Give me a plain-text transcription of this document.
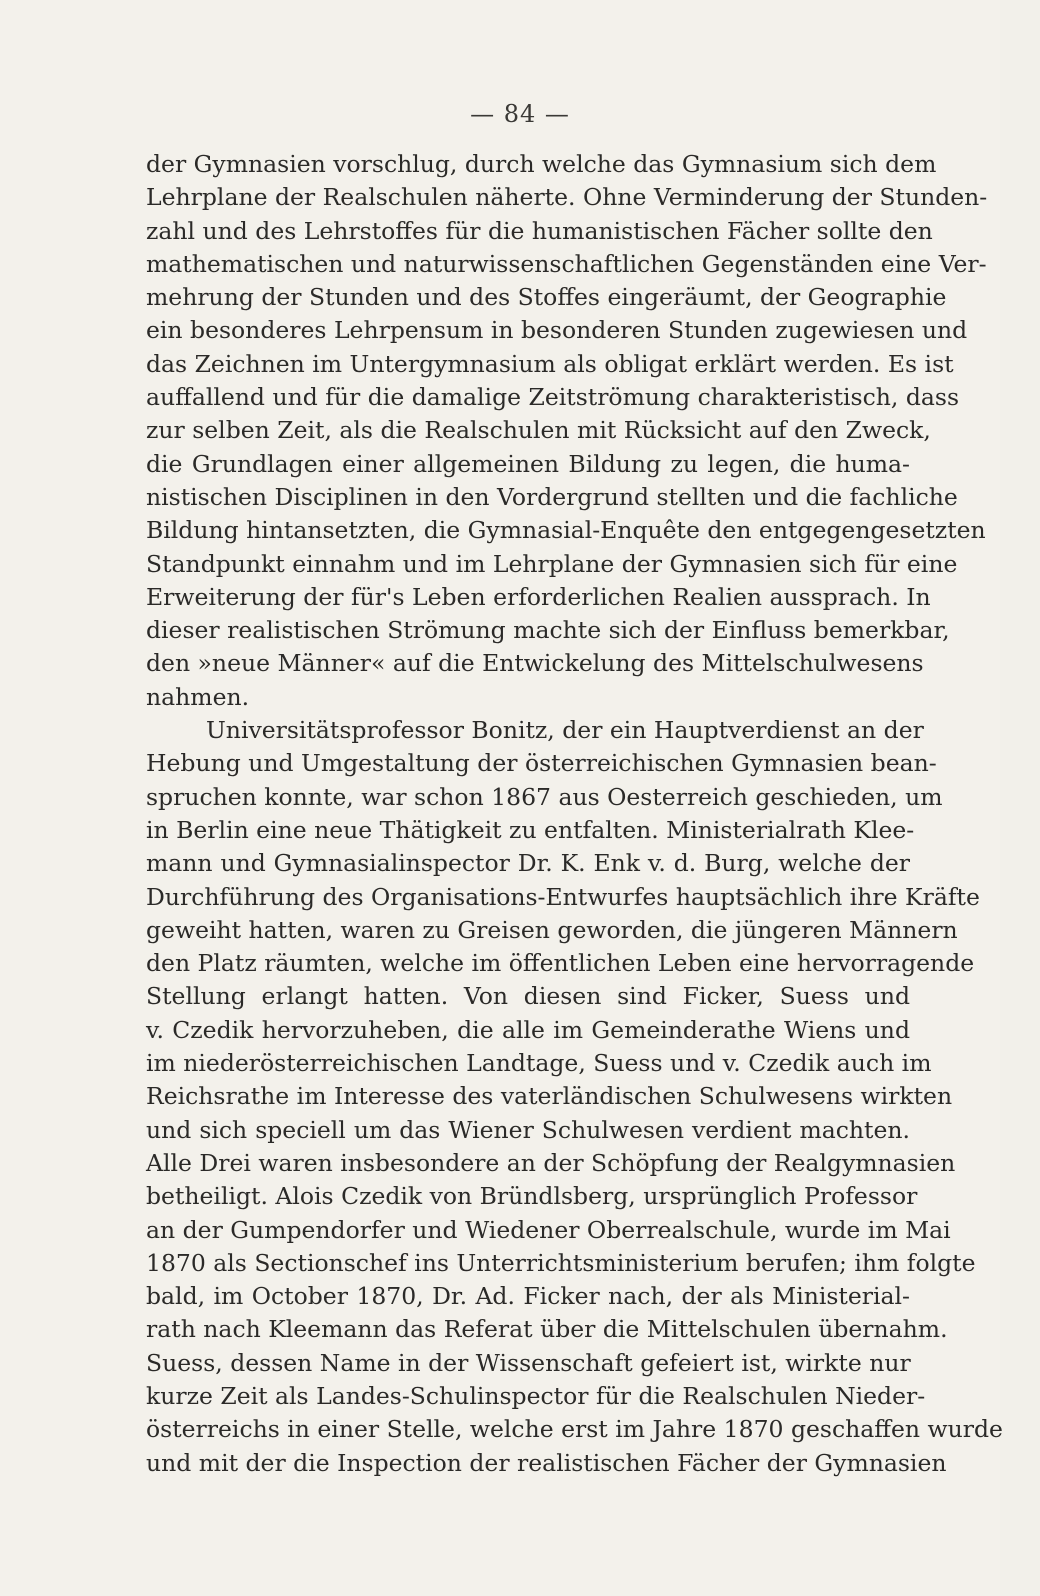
— 84 —
der Gymnasien vorschlug, durch welche das Gymnasium sich dem
Lehrplane der Realschulen näherte. Ohne Verminderung der Stunden-
zahl und des Lehrstoffes für die humanistischen Fächer sollte den
mathematischen und naturwissenschaftlichen Gegenständen eine Ver-
mehrung der Stunden und des Stoffes eingeräumt, der Geographie
ein besonderes Lehrpensum in besonderen Stunden zugewiesen und
das Zeichnen im Untergymnasium als obligat erklärt werden. Es ist
auffallend und für die damalige Zeitströmung charakteristisch, dass
zur selben Zeit, als die Realschulen mit Rücksicht auf den Zweck,
die Grundlagen einer allgemeinen Bildung zu legen, die huma-
nistischen Disciplinen in den Vordergrund stellten und die fachliche
Bildung hintansetzten, die Gymnasial-Enquête den entgegengesetzten
Standpunkt einnahm und im Lehrplane der Gymnasien sich für eine
Erweiterung der für's Leben erforderlichen Realien aussprach. In
dieser realistischen Strömung machte sich der Einfluss bemerkbar,
den »neue Männer« auf die Entwickelung des Mittelschulwesens
nahmen.
Universitätsprofessor Bonitz, der ein Hauptverdienst an der
Hebung und Umgestaltung der österreichischen Gymnasien bean-
spruchen konnte, war schon 1867 aus Oesterreich geschieden, um
in Berlin eine neue Thätigkeit zu entfalten. Ministerialrath Klee-
mann und Gymnasialinspector Dr. K. Enk v. d. Burg, welche der
Durchführung des Organisations-Entwurfes hauptsächlich ihre Kräfte
geweiht hatten, waren zu Greisen geworden, die jüngeren Männern
den Platz räumten, welche im öffentlichen Leben eine hervorragende
Stellung erlangt hatten. Von diesen sind Ficker, Suess und
v. Czedik hervorzuheben, die alle im Gemeinderathe Wiens und
im niederösterreichischen Landtage, Suess und v. Czedik auch im
Reichsrathe im Interesse des vaterländischen Schulwesens wirkten
und sich speciell um das Wiener Schulwesen verdient machten.
Alle Drei waren insbesondere an der Schöpfung der Realgymnasien
betheiligt. Alois Czedik von Bründlsberg, ursprünglich Professor
an der Gumpendorfer und Wiedener Oberrealschule, wurde im Mai
1870 als Sectionschef ins Unterrichtsministerium berufen; ihm folgte
bald, im October 1870, Dr. Ad. Ficker nach, der als Ministerial-
rath nach Kleemann das Referat über die Mittelschulen übernahm.
Suess, dessen Name in der Wissenschaft gefeiert ist, wirkte nur
kurze Zeit als Landes-Schulinspector für die Realschulen Nieder-
österreichs in einer Stelle, welche erst im Jahre 1870 geschaffen wurde
und mit der die Inspection der realistischen Fächer der Gymnasien
